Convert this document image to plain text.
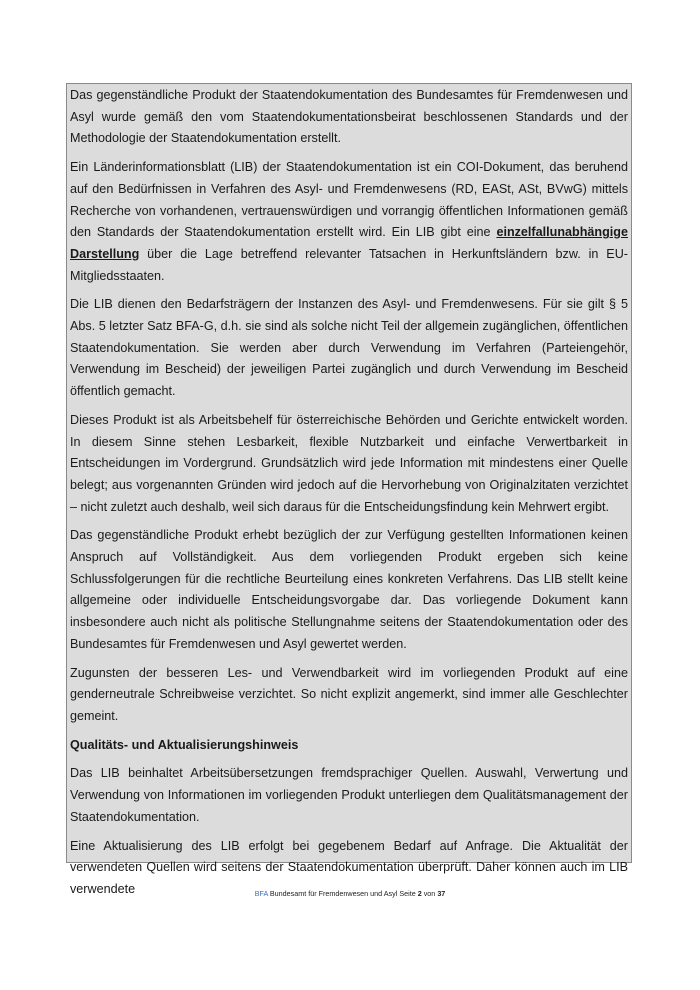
Das gegenständliche Produkt der Staatendokumentation des Bundesamtes für Fremdenwesen und Asyl wurde gemäß den vom Staatendokumentationsbeirat beschlossenen Standards und der Methodologie der Staatendokumentation erstellt.

Ein Länderinformationsblatt (LIB) der Staatendokumentation ist ein COI-Dokument, das beruhend auf den Bedürfnissen in Verfahren des Asyl- und Fremdenwesens (RD, EASt, ASt, BVwG) mittels Recherche von vorhandenen, vertrauenswürdigen und vorrangig öffentlichen Informationen gemäß den Standards der Staatendokumentation erstellt wird. Ein LIB gibt eine einzelfallunabhängige Darstellung über die Lage betreffend relevanter Tatsachen in Herkunftsländern bzw. in EU-Mitgliedsstaaten.

Die LIB dienen den Bedarfsträgern der Instanzen des Asyl- und Fremdenwesens. Für sie gilt § 5 Abs. 5 letzter Satz BFA-G, d.h. sie sind als solche nicht Teil der allgemein zugänglichen, öffentlichen Staatendokumentation. Sie werden aber durch Verwendung im Verfahren (Parteiengehör, Verwendung im Bescheid) der jeweiligen Partei zugänglich und durch Verwendung im Bescheid öffentlich gemacht.

Dieses Produkt ist als Arbeitsbehelf für österreichische Behörden und Gerichte entwickelt worden. In diesem Sinne stehen Lesbarkeit, flexible Nutzbarkeit und einfache Verwertbarkeit in Entscheidungen im Vordergrund. Grundsätzlich wird jede Information mit mindestens einer Quelle belegt; aus vorgenannten Gründen wird jedoch auf die Hervorhebung von Originalzitaten verzichtet – nicht zuletzt auch deshalb, weil sich daraus für die Entscheidungsfindung kein Mehrwert ergibt.

Das gegenständliche Produkt erhebt bezüglich der zur Verfügung gestellten Informationen keinen Anspruch auf Vollständigkeit. Aus dem vorliegenden Produkt ergeben sich keine Schlussfolgerungen für die rechtliche Beurteilung eines konkreten Verfahrens. Das LIB stellt keine allgemeine oder individuelle Entscheidungsvorgabe dar. Das vorliegende Dokument kann insbesondere auch nicht als politische Stellungnahme seitens der Staatendokumentation oder des Bundesamtes für Fremdenwesen und Asyl gewertet werden.

Zugunsten der besseren Les- und Verwendbarkeit wird im vorliegenden Produkt auf eine genderneutrale Schreibweise verzichtet. So nicht explizit angemerkt, sind immer alle Geschlechter gemeint.

Qualitäts- und Aktualisierungshinweis

Das LIB beinhaltet Arbeitsübersetzungen fremdsprachiger Quellen. Auswahl, Verwertung und Verwendung von Informationen im vorliegenden Produkt unterliegen dem Qualitätsmanagement der Staatendokumentation.

Eine Aktualisierung des LIB erfolgt bei gegebenem Bedarf auf Anfrage. Die Aktualität der verwendeten Quellen wird seitens der Staatendokumentation überprüft. Daher können auch im LIB verwendete	BFA Bundesamt für Fremdenwesen und Asyl Seite 2 von 37
